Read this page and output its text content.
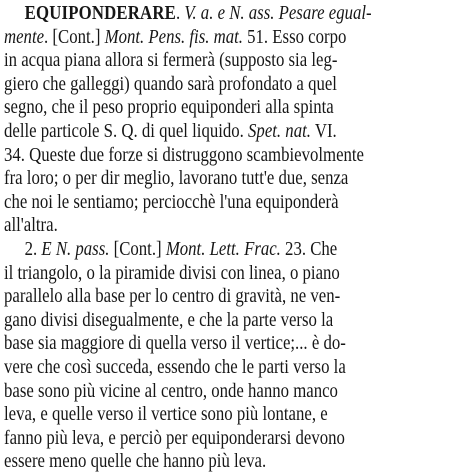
EQUIPONDERARE. V. a. e N. ass. Pesare egual-
mente. [Cont.] Mont. Pens. fis. mat. 51. Esso corpo
in acqua piana allora si fermerà (supposto sia leg-
giero che galleggi) quando sarà profondato a quel
segno, che il peso proprio equiponderi alla spinta
delle particole S. Q. di quel liquido. Spet. nat. VI.
34. Queste due forze si distruggono scambievolmente
fra loro; o per dir meglio, lavorano tutt'e due, senza
che noi le sentiamo; perciocchè l'una equiponderà
all'altra.
2. E N. pass. [Cont.] Mont. Lett. Frac. 23. Che
il triangolo, o la piramide divisi con linea, o piano
parallelo alla base per lo centro di gravità, ne ven-
gano divisi disegualmente, e che la parte verso la
base sia maggiore di quella verso il vertice;... è do-
vere che così succeda, essendo che le parti verso la
base sono più vicine al centro, onde hanno manco
leva, e quelle verso il vertice sono più lontane, e
fanno più leva, e perciò per equiponderarsi devono
essere meno quelle che hanno più leva.
